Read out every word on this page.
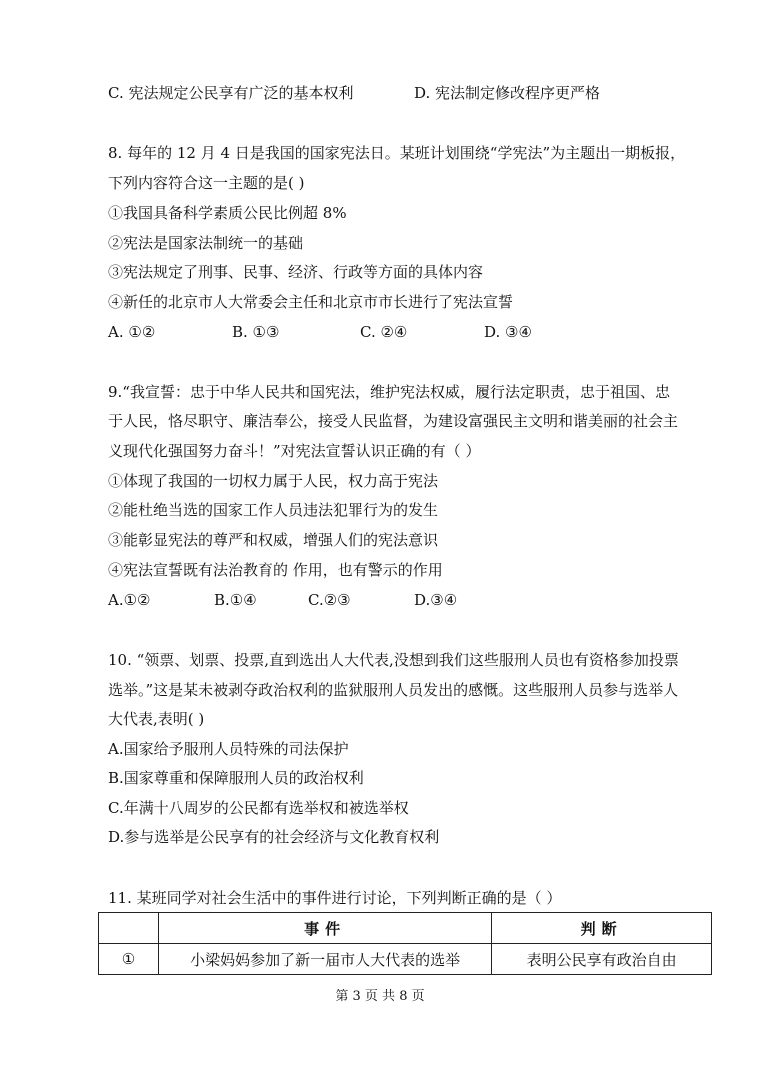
C. 宪法规定公民享有广泛的基本权利	D. 宪法制定修改程序更严格
8. 每年的 12 月 4 日是我国的国家宪法日。某班计划围绕“学宪法”为主题出一期板报，
下列内容符合这一主题的是( )
①我国具备科学素质公民比例超 8%
②宪法是国家法制统一的基础
③宪法规定了刑事、民事、经济、行政等方面的具体内容
④新任的北京市人大常委会主任和北京市市长进行了宪法宣誓
A. ①②	B. ①③	C. ②④	D. ③④
9.“我宣誓：忠于中华人民共和国宪法，维护宪法权威，履行法定职责，忠于祖国、忠
于人民，恪尽职守、廉洁奉公，接受人民监督，为建设富强民主文明和谐美丽的社会主
义现代化强国努力奋斗！”对宪法宣誓认识正确的有（ ）
①体现了我国的一切权力属于人民，权力高于宪法
②能杜绝当选的国家工作人员违法犯罪行为的发生
③能彰显宪法的尊严和权威，增强人们的宪法意识
④宪法宣誓既有法治教育的 作用，也有警示的作用
A.①②	B.①④	C.②③	D.③④
10. “领票、划票、投票,直到选出人大代表,没想到我们这些服刑人员也有资格参加投票
选举。”这是某未被剥夺政治权利的监狱服刑人员发出的感慨。这些服刑人员参与选举人
大代表,表明( )
A.国家给予服刑人员特殊的司法保护
B.国家尊重和保障服刑人员的政治权利
C.年满十八周岁的公民都有选举权和被选举权
D.参与选举是公民享有的社会经济与文化教育权利
11. 某班同学对社会生活中的事件进行讨论，下列判断正确的是（ ）
	事件	判断
①	小梁妈妈参加了新一届市人大代表的选举	表明公民享有政治自由
第 3 页 共 8 页
